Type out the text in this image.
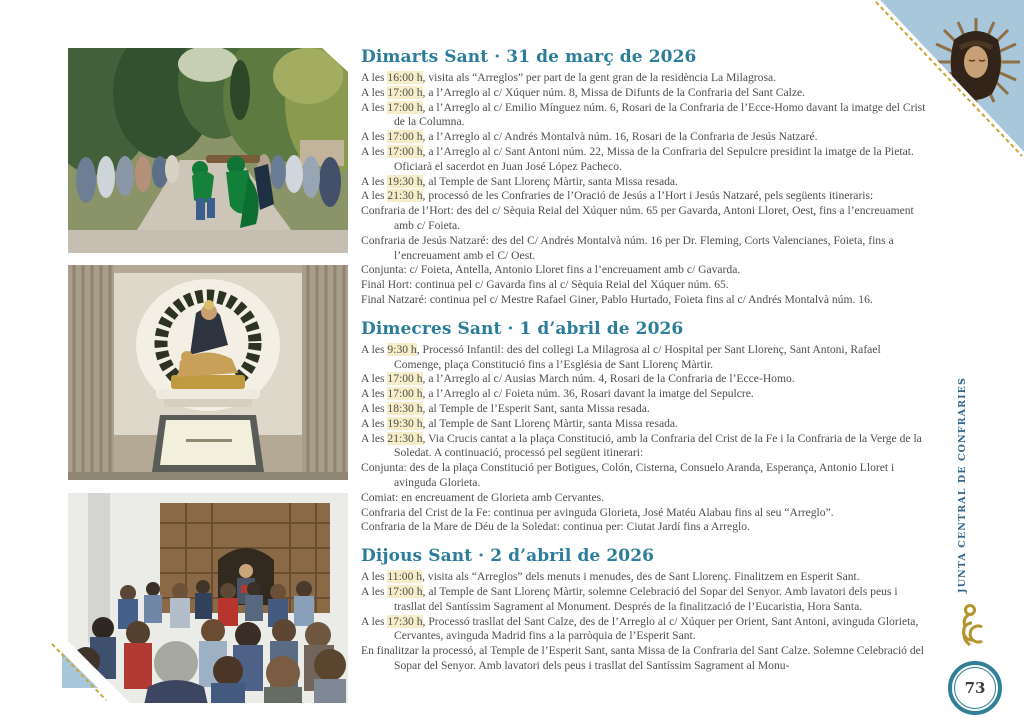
Dimarts Sant · 31 de març de 2026

A les 16:00 h, visita als “Arreglos” per part de la gent gran de la residència La Milagrosa.

A les 17:00 h, a l’Arreglo al c/ Xúquer núm. 8, Missa de Difunts de la Confraria del Sant Calze.

A les 17:00 h, a l’Arreglo al c/ Emilio Mínguez núm. 6, Rosari de la Confraria de l’Ecce-Homo davant la imatge del Crist de la Columna.

A les 17:00 h, a l’Arreglo al c/ Andrés Montalvà núm. 16, Rosari de la Confraria de Jesús Natzaré.

A les 17:00 h, a l’Arreglo al c/ Sant Antoni núm. 22, Missa de la Confraria del Sepulcre presidint la imatge de la Pietat. Oficiarà el sacerdot en Juan José López Pacheco.

A les 19:30 h, al Temple de Sant Llorenç Màrtir, santa Missa resada.

A les 21:30 h, processó de les Confraries de l’Oració de Jesús a l’Hort i Jesús Natzaré, pels següents itineraris:

Confraria de l’Hort: des del c/ Sèquia Reial del Xúquer núm. 65 per Gavarda, Antoni Lloret, Oest, fins a l’encreuament amb c/ Foieta.

Confraria de Jesús Natzaré: des del C/ Andrés Montalvà núm. 16 per Dr. Fleming, Corts Valencianes, Foieta, fins a l’encreuament amb el C/ Oest.

Conjunta: c/ Foieta, Antella, Antonio Lloret fins a l’encreuament amb c/ Gavarda.

Final Hort: continua pel c/ Gavarda fins al c/ Sèquia Reial del Xúquer núm. 65.

Final Natzaré: continua pel c/ Mestre Rafael Giner, Pablo Hurtado, Foieta fins al c/ Andrés Montalvà núm. 16.

Dimecres Sant · 1 d’abril de 2026

A les 9:30 h, Processó Infantil: des del collegi La Milagrosa al c/ Hospital per Sant Llorenç, Sant Antoni, Rafael Comenge, plaça Constitució fins a l’Església de Sant Llorenç Màrtir.

A les 17:00 h, a l’Arreglo al c/ Ausias March núm. 4, Rosari de la Confraria de l’Ecce-Homo.

A les 17:00 h, a l’Arreglo al c/ Foieta núm. 36, Rosari davant la imatge del Sepulcre.

A les 18:30 h, al Temple de l’Esperit Sant, santa Missa resada.

A les 19:30 h, al Temple de Sant Llorenç Màrtir, santa Missa resada.

A les 21:30 h, Via Crucis cantat a la plaça Constitució, amb la Confraria del Crist de la Fe i la Confraria de la Verge de la Soledat. A continuació, processó pel següent itinerari:

Conjunta: des de la plaça Constitució per Botigues, Colón, Cisterna, Consuelo Aranda, Esperança, Antonio Lloret i avinguda Glorieta.

Comiat: en encreuament de Glorieta amb Cervantes.

Confraria del Crist de la Fe: continua per avinguda Glorieta, José Matéu Alabau fins al seu “Arreglo”.

Confraria de la Mare de Déu de la Soledat: continua per: Ciutat Jardí fins a Arreglo.

Dijous Sant · 2 d’abril de 2026

A les 11:00 h, visita als “Arreglos” dels menuts i menudes, des de Sant Llorenç. Finalitzem en Esperit Sant.

A les 17:00 h, al Temple de Sant Llorenç Màrtir, solemne Celebració del Sopar del Senyor. Amb lavatori dels peus i trasllat del Santíssim Sagrament al Monument. Després de la finalització de l’Eucaristia, Hora Santa.

A les 17:30 h, Processó trasllat del Sant Calze, des de l’Arreglo al c/ Xúquer per Orient, Sant Antoni, avinguda Glorieta, Cervantes, avinguda Madrid fins a la parròquia de l’Esperit Sant.

En finalitzar la processó, al Temple de l’Esperit Sant, santa Missa de la Confraria del Sant Calze. Solemne Celebració del Sopar del Senyor. Amb lavatori dels peus i trasllat del Santíssim Sagrament al Monu-

JUNTA CENTRAL DE CONFRARIES
73
